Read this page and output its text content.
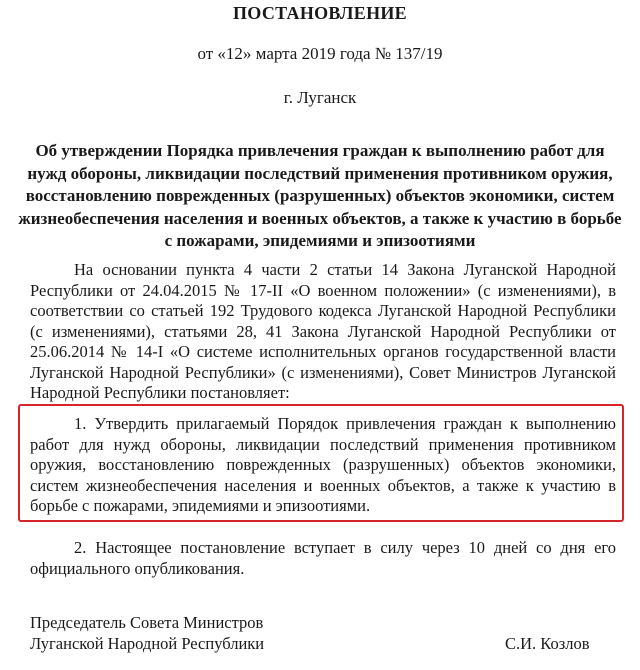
ПОСТАНОВЛЕНИЕ
от «12» марта 2019 года № 137/19
г. Луганск
Об утверждении Порядка привлечения граждан к выполнению работ для нужд обороны, ликвидации последствий применения противником оружия, восстановлению поврежденных (разрушенных) объектов экономики, систем жизнеобеспечения населения и военных объектов, а также к участию в борьбе с пожарами, эпидемиями и эпизоотиями
На основании пункта 4 части 2 статьи 14 Закона Луганской Народной Республики от 24.04.2015 № 17-II «О военном положении» (с изменениями), в соответствии со статьей 192 Трудового кодекса Луганской Народной Республики (с изменениями), статьями 28, 41 Закона Луганской Народной Республики от 25.06.2014 № 14-I «О системе исполнительных органов государственной власти Луганской Народной Республики» (с изменениями), Совет Министров Луганской Народной Республики постановляет:
1. Утвердить прилагаемый Порядок привлечения граждан к выполнению работ для нужд обороны, ликвидации последствий применения противником оружия, восстановлению поврежденных (разрушенных) объектов экономики, систем жизнеобеспечения населения и военных объектов, а также к участию в борьбе с пожарами, эпидемиями и эпизоотиями.
2. Настоящее постановление вступает в силу через 10 дней со дня его официального опубликования.
Председатель Совета Министров
Луганской Народной Республики	С.И. Козлов
